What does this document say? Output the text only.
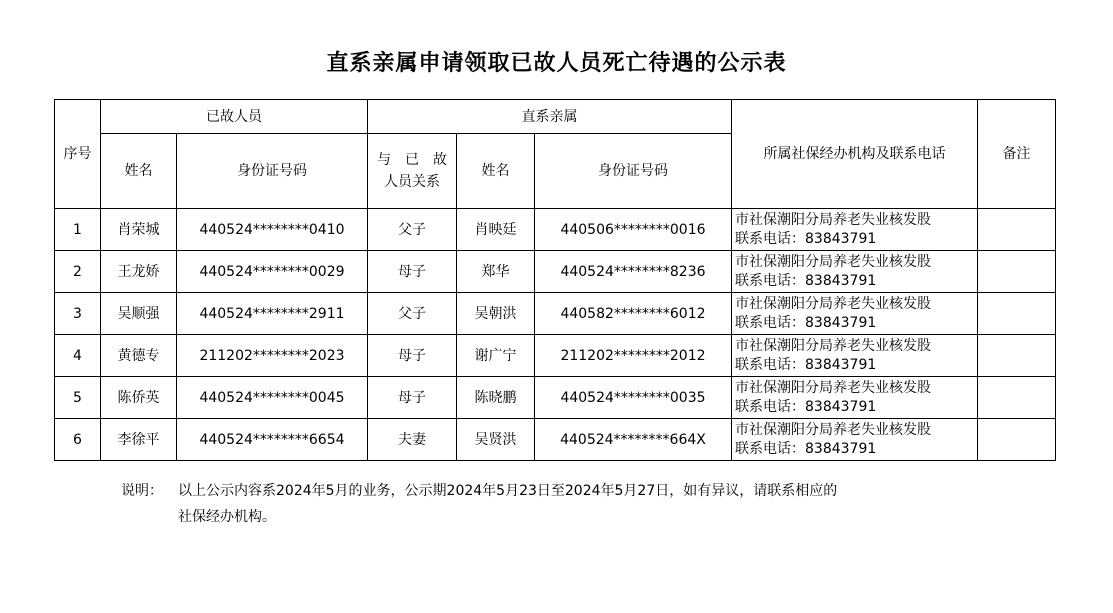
直系亲属申请领取已故人员死亡待遇的公示表
序号	已故人员		直系亲属			所属社保经办机构及联系电话	备注
	姓名	身份证号码	与 已 故
人员关系	姓名	身份证号码		
1	肖荣城	440524********0410	父子	肖映廷	440506********0016	市社保潮阳分局养老失业核发股
联系电话：83843791	

2	王龙娇	440524********0029	母子	郑华	440524********8236	市社保潮阳分局养老失业核发股
联系电话：83843791	

3	吴顺强	440524********2911	父子	吴朝洪	440582********6012	市社保潮阳分局养老失业核发股
联系电话：83843791	

4	黄德专	211202********2023	母子	谢广宁	211202********2012	市社保潮阳分局养老失业核发股
联系电话：83843791	

5	陈侨英	440524********0045	母子	陈晓鹏	440524********0035	市社保潮阳分局养老失业核发股
联系电话：83843791	

6	李徐平	440524********6654	夫妻	吴贤洪	440524********664X	市社保潮阳分局养老失业核发股
联系电话：83843791	

说明： 以上公示内容系2024年5月的业务，公示期2024年5月23日至2024年5月27日，如有异议，请联系相应的
社保经办机构。
